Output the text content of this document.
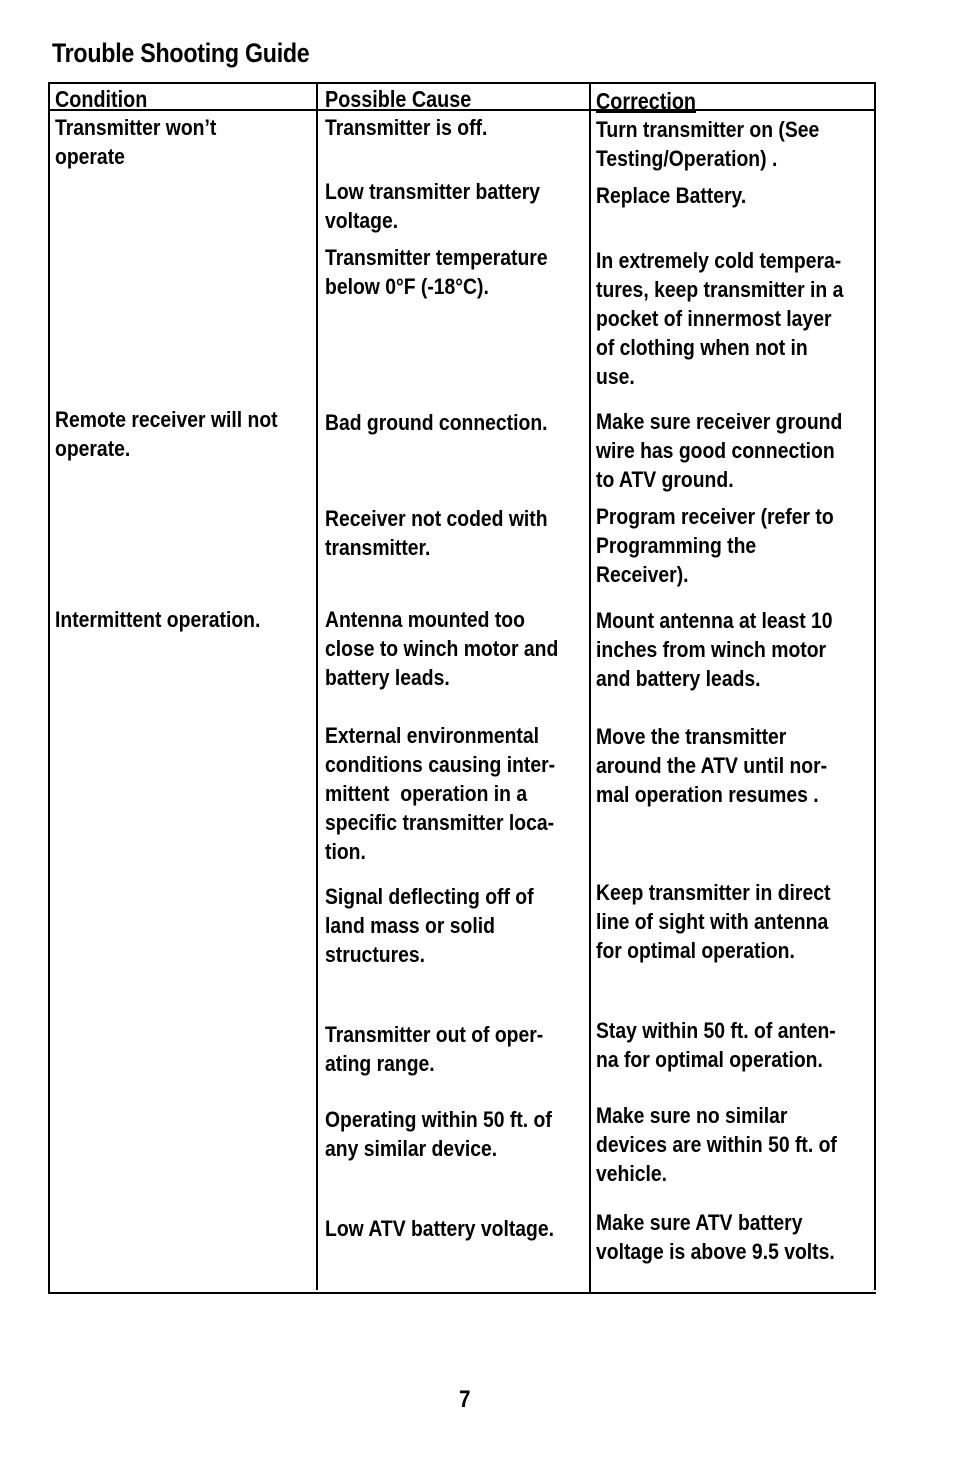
Trouble Shooting Guide
Condition	Possible Cause	Correction
Transmitter won’t
operate
Remote receiver will not
operate.
Intermittent operation.
Transmitter is off.
Low transmitter battery
voltage.
Transmitter temperature
below 0°F (-18°C).
Bad ground connection.
Receiver not coded with
transmitter.
Antenna mounted too
close to winch motor and
battery leads.
External environmental
conditions causing inter-
mittent  operation in a
specific transmitter loca-
tion.
Signal deflecting off of
land mass or solid
structures.
Transmitter out of oper-
ating range.
Operating within 50 ft. of
any similar device.
Low ATV battery voltage.
Turn transmitter on (See
Testing/Operation) .
Replace Battery.
In extremely cold tempera-
tures, keep transmitter in a
pocket of innermost layer
of clothing when not in
use.
Make sure receiver ground
wire has good connection
to ATV ground.
Program receiver (refer to
Programming the
Receiver).
Mount antenna at least 10
inches from winch motor
and battery leads.
Move the transmitter
around the ATV until nor-
mal operation resumes .
Keep transmitter in direct
line of sight with antenna
for optimal operation.
Stay within 50 ft. of anten-
na for optimal operation.
Make sure no similar
devices are within 50 ft. of
vehicle.
Make sure ATV battery
voltage is above 9.5 volts.
7
